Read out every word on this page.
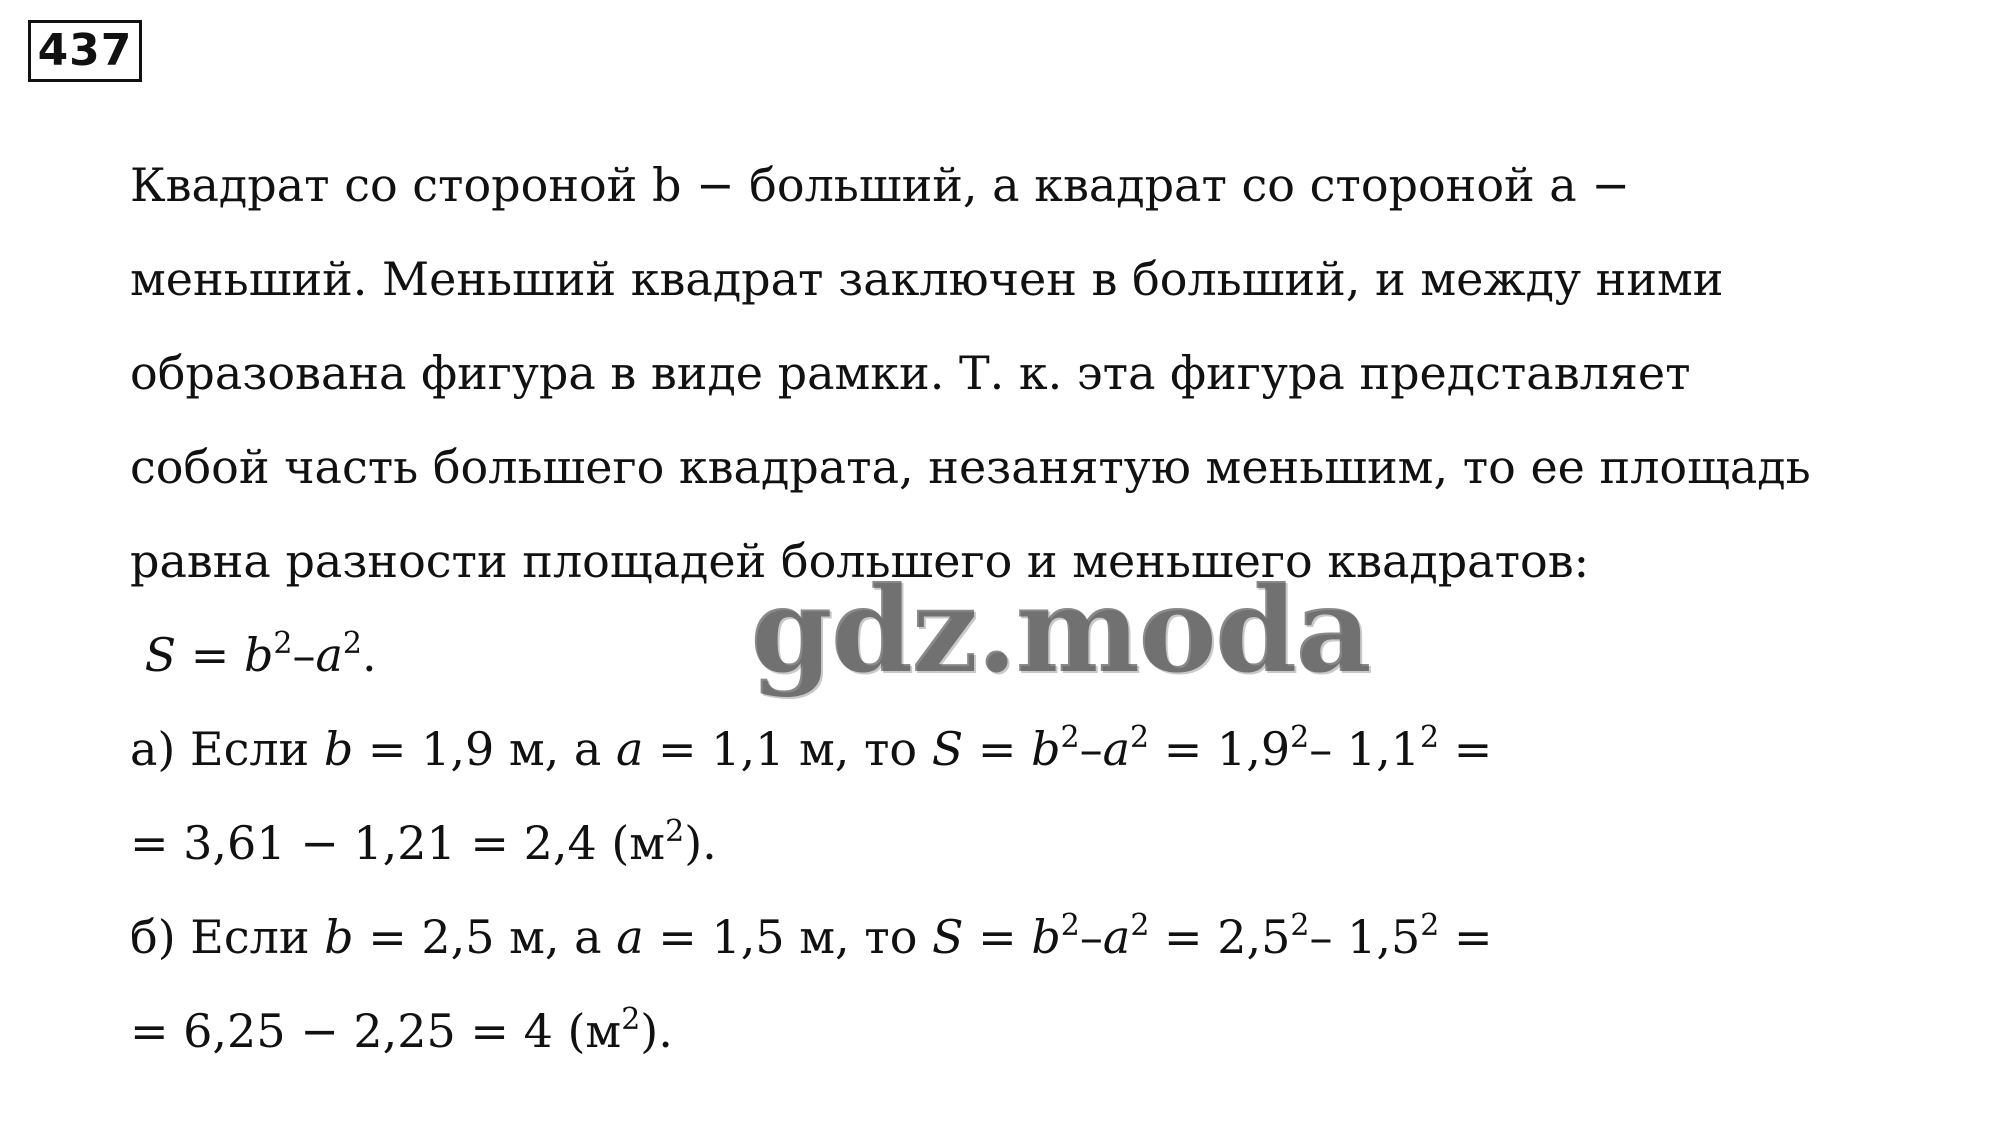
437
Квадрат со стороной b − больший, а квадрат со стороной a −
меньший. Меньший квадрат заключен в больший, и между ними
образована фигура в виде рамки. Т. к. эта фигура представляет
собой часть большего квадрата, незанятую меньшим, то ее площадь
равна разности площадей большего и меньшего квадратов:
$S = b^2-a^2$.
а) Если b = 1,9 м, а a = 1,1 м, то $S = b^2-a^2 = 1,9^2-$ $1,1^2$ =
= 3,61 − 1,21 = 2,4 $(м^2)$.
б) Если b = 2,5 м, а a = 1,5 м, то $S = b^2-a^2 = 2,5^2-$ $1,5^2$ =
= 6,25 − 2,25 = 4 $(м^2)$.
gdz.moda
